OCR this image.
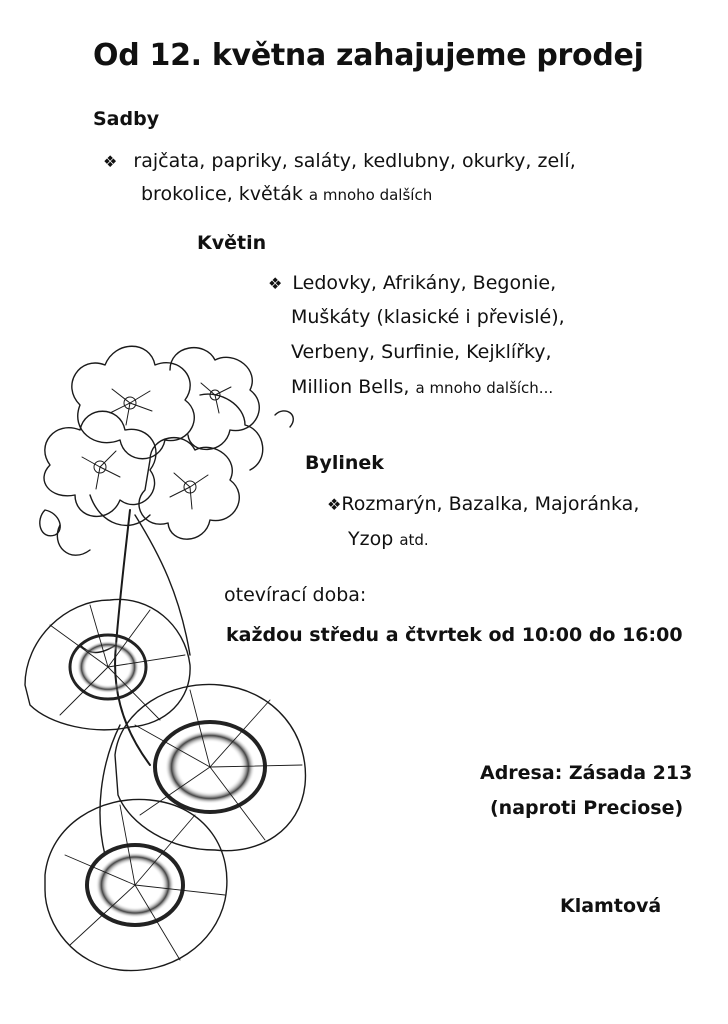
Od 12. května zahajujeme prodej
Sadby
❖ rajčata, papriky, saláty, kedlubny, okurky, zelí,
brokolice, květák a mnoho dalších
Květin
❖ Ledovky, Afrikány, Begonie,
Muškáty (klasické i převislé),
Verbeny, Surfinie, Kejklířky,
Million Bells, a mnoho dalších...
Bylinek
❖Rozmarýn, Bazalka, Majoránka,
Yzop atd.
otevírací doba:
každou středu a čtvrtek od 10:00 do 16:00
Adresa: Zásada 213
(naproti Preciose)
Klamtová
